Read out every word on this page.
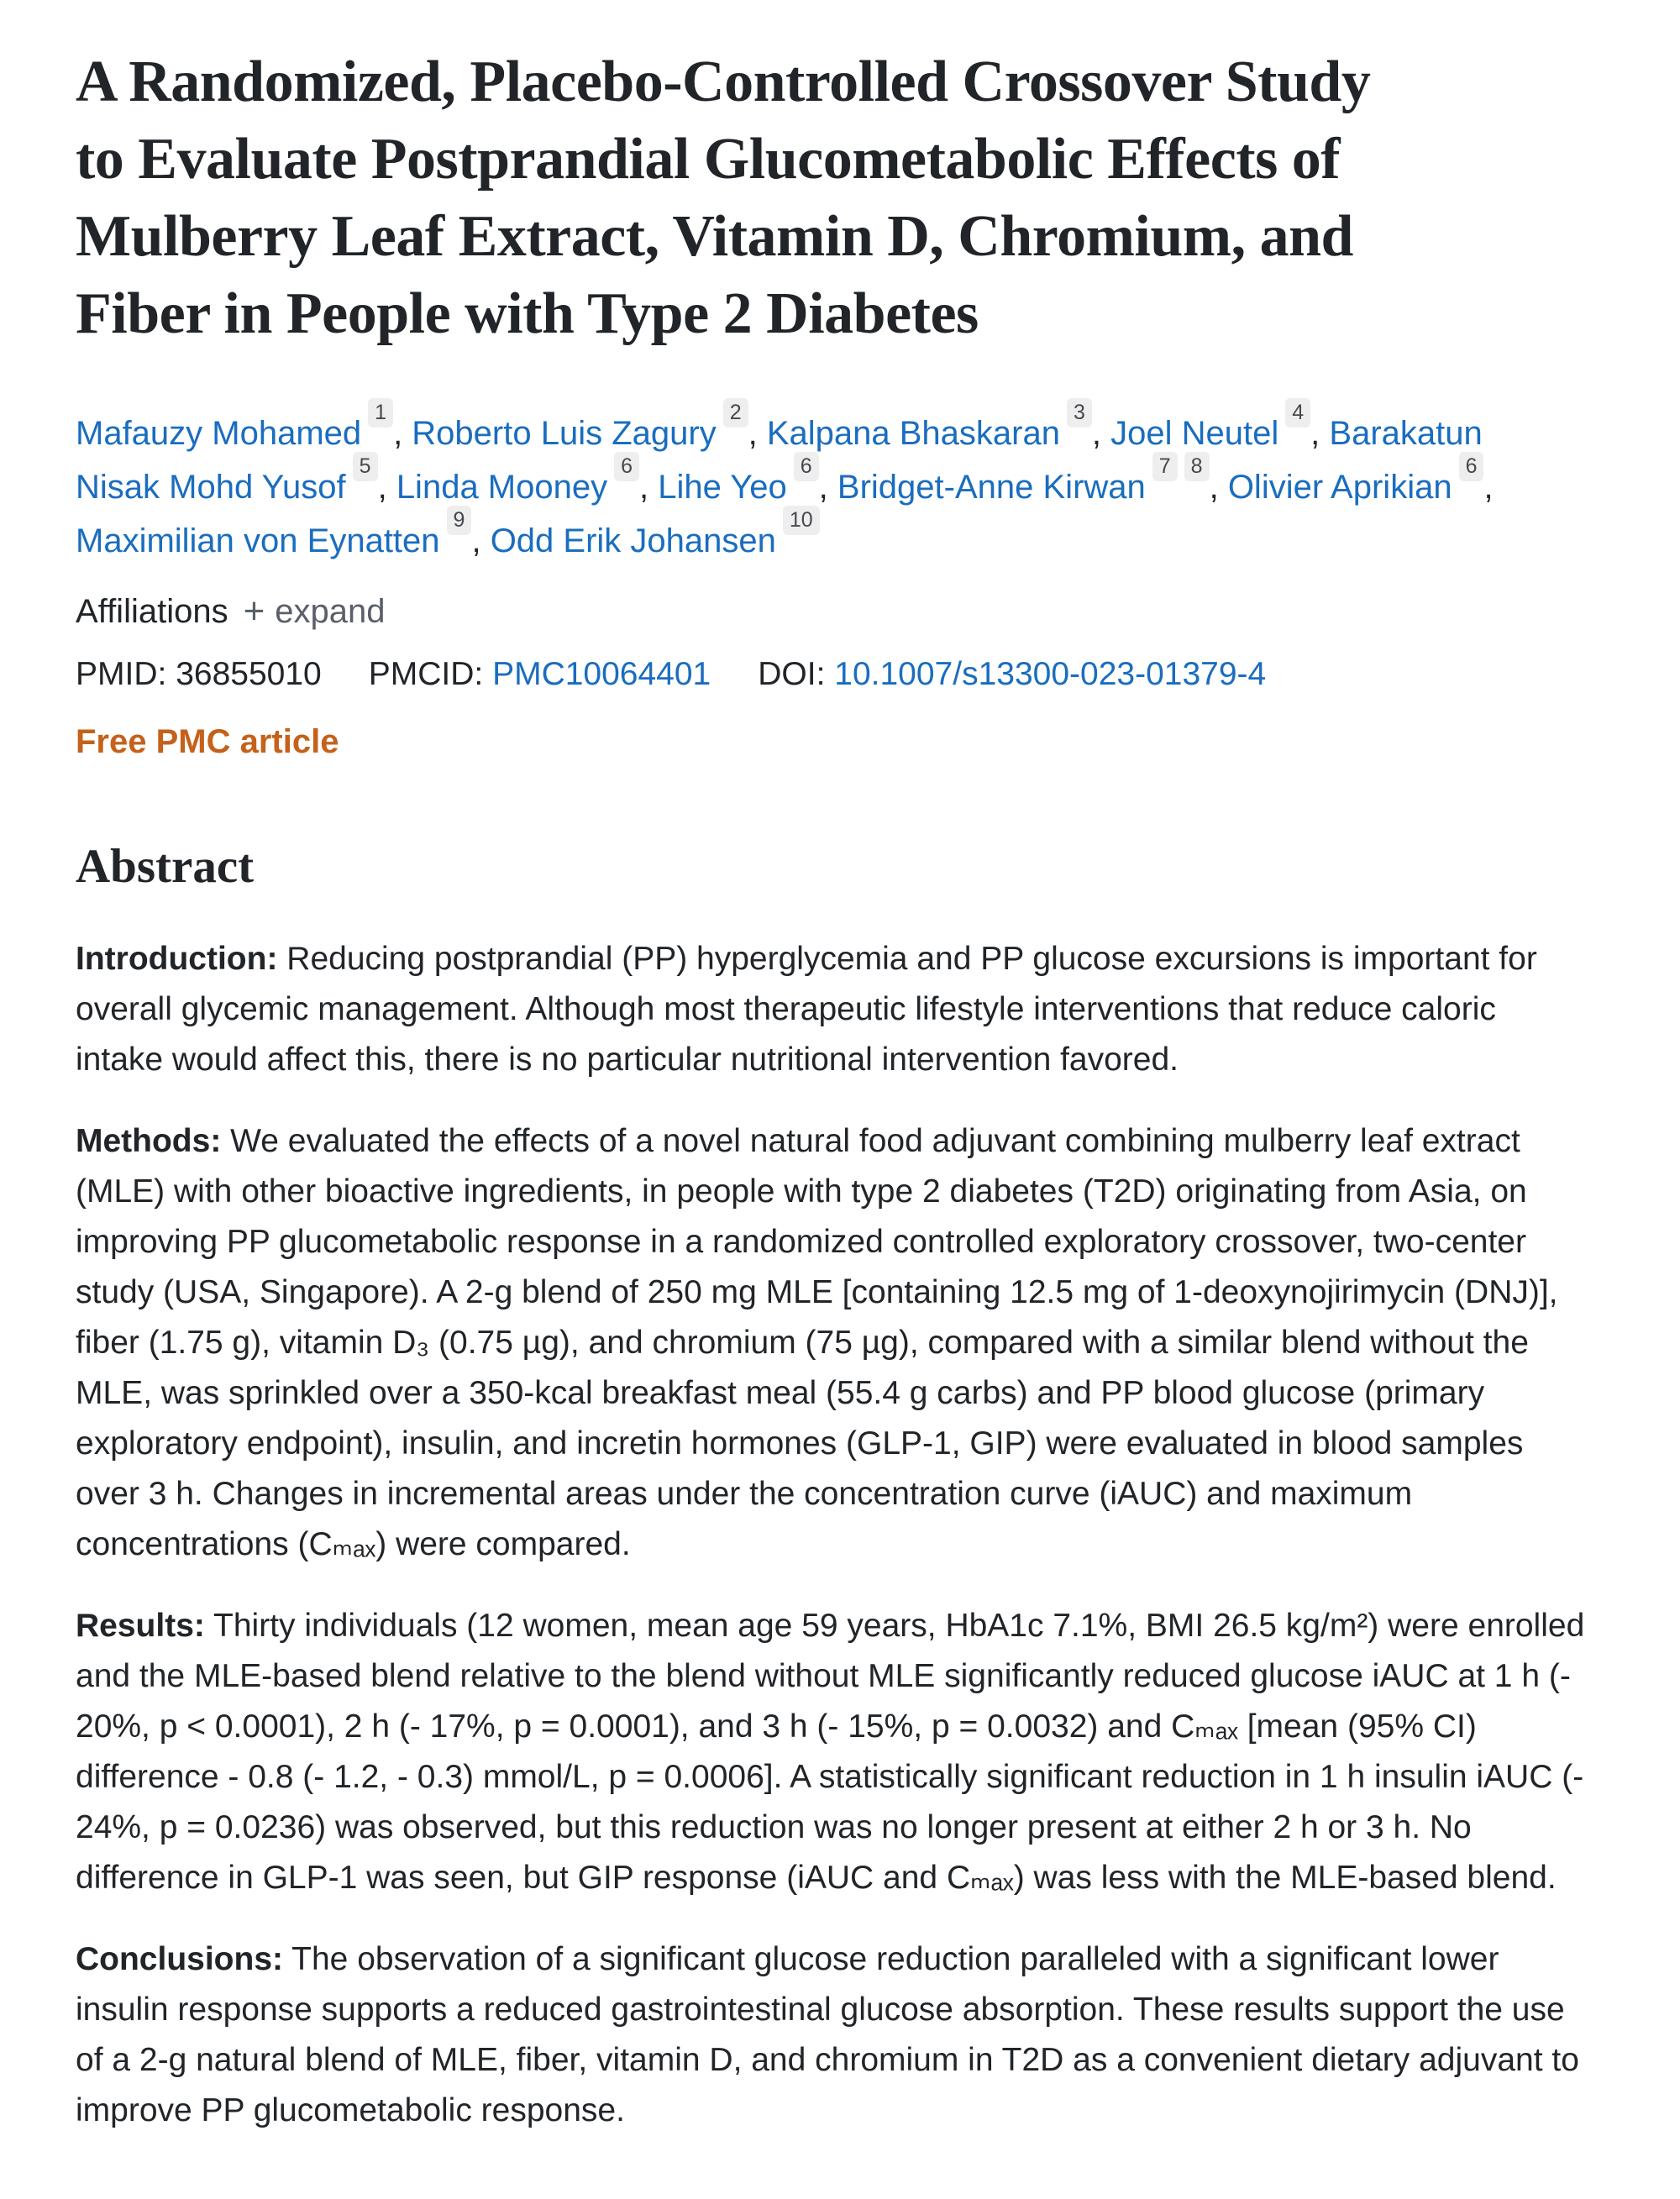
A Randomized, Placebo-Controlled Crossover Study
to Evaluate Postprandial Glucometabolic Effects of
Mulberry Leaf Extract, Vitamin D, Chromium, and
Fiber in People with Type 2 Diabetes
Mafauzy Mohamed$^1$, Roberto Luis Zagury$^2$, Kalpana Bhaskaran$^3$, Joel Neutel$^4$, Barakatun Nisak Mohd Yusof$^5$, Linda Mooney$^6$, Lihe Yeo$^6$, Bridget-Anne Kirwan$^7$ $^8$, Olivier Aprikian$^6$, Maximilian von Eynatten$^9$, Odd Erik Johansen$^{10}$
Affiliations + expand
PMID: 36855010 PMCID: PMC10064401 DOI: 10.1007/s13300-023-01379-4
Free PMC article
Abstract

Introduction: Reducing postprandial (PP) hyperglycemia and PP glucose excursions is important for overall glycemic management. Although most therapeutic lifestyle interventions that reduce caloric intake would affect this, there is no particular nutritional intervention favored.

Methods: We evaluated the effects of a novel natural food adjuvant combining mulberry leaf extract (MLE) with other bioactive ingredients, in people with type 2 diabetes (T2D) originating from Asia, on improving PP glucometabolic response in a randomized controlled exploratory crossover, two-center study (USA, Singapore). A 2-g blend of 250 mg MLE [containing 12.5 mg of 1-deoxynojirimycin (DNJ)], fiber (1.75 g), vitamin D₃ (0.75 µg), and chromium (75 µg), compared with a similar blend without the MLE, was sprinkled over a 350-kcal breakfast meal (55.4 g carbs) and PP blood glucose (primary exploratory endpoint), insulin, and incretin hormones (GLP-1, GIP) were evaluated in blood samples over 3 h. Changes in incremental areas under the concentration curve (iAUC) and maximum concentrations (Cₘₐₓ) were compared.

Results: Thirty individuals (12 women, mean age 59 years, HbA1c 7.1%, BMI 26.5 kg/m²) were enrolled and the MLE-based blend relative to the blend without MLE significantly reduced glucose iAUC at 1 h (- 20%, p < 0.0001), 2 h (- 17%, p = 0.0001), and 3 h (- 15%, p = 0.0032) and Cₘₐₓ [mean (95% CI) difference - 0.8 (- 1.2, - 0.3) mmol/L, p = 0.0006]. A statistically significant reduction in 1 h insulin iAUC (- 24%, p = 0.0236) was observed, but this reduction was no longer present at either 2 h or 3 h. No difference in GLP-1 was seen, but GIP response (iAUC and Cₘₐₓ) was less with the MLE-based blend.

Conclusions: The observation of a significant glucose reduction paralleled with a significant lower insulin response supports a reduced gastrointestinal glucose absorption. These results support the use of a 2-g natural blend of MLE, fiber, vitamin D, and chromium in T2D as a convenient dietary adjuvant to improve PP glucometabolic response.
